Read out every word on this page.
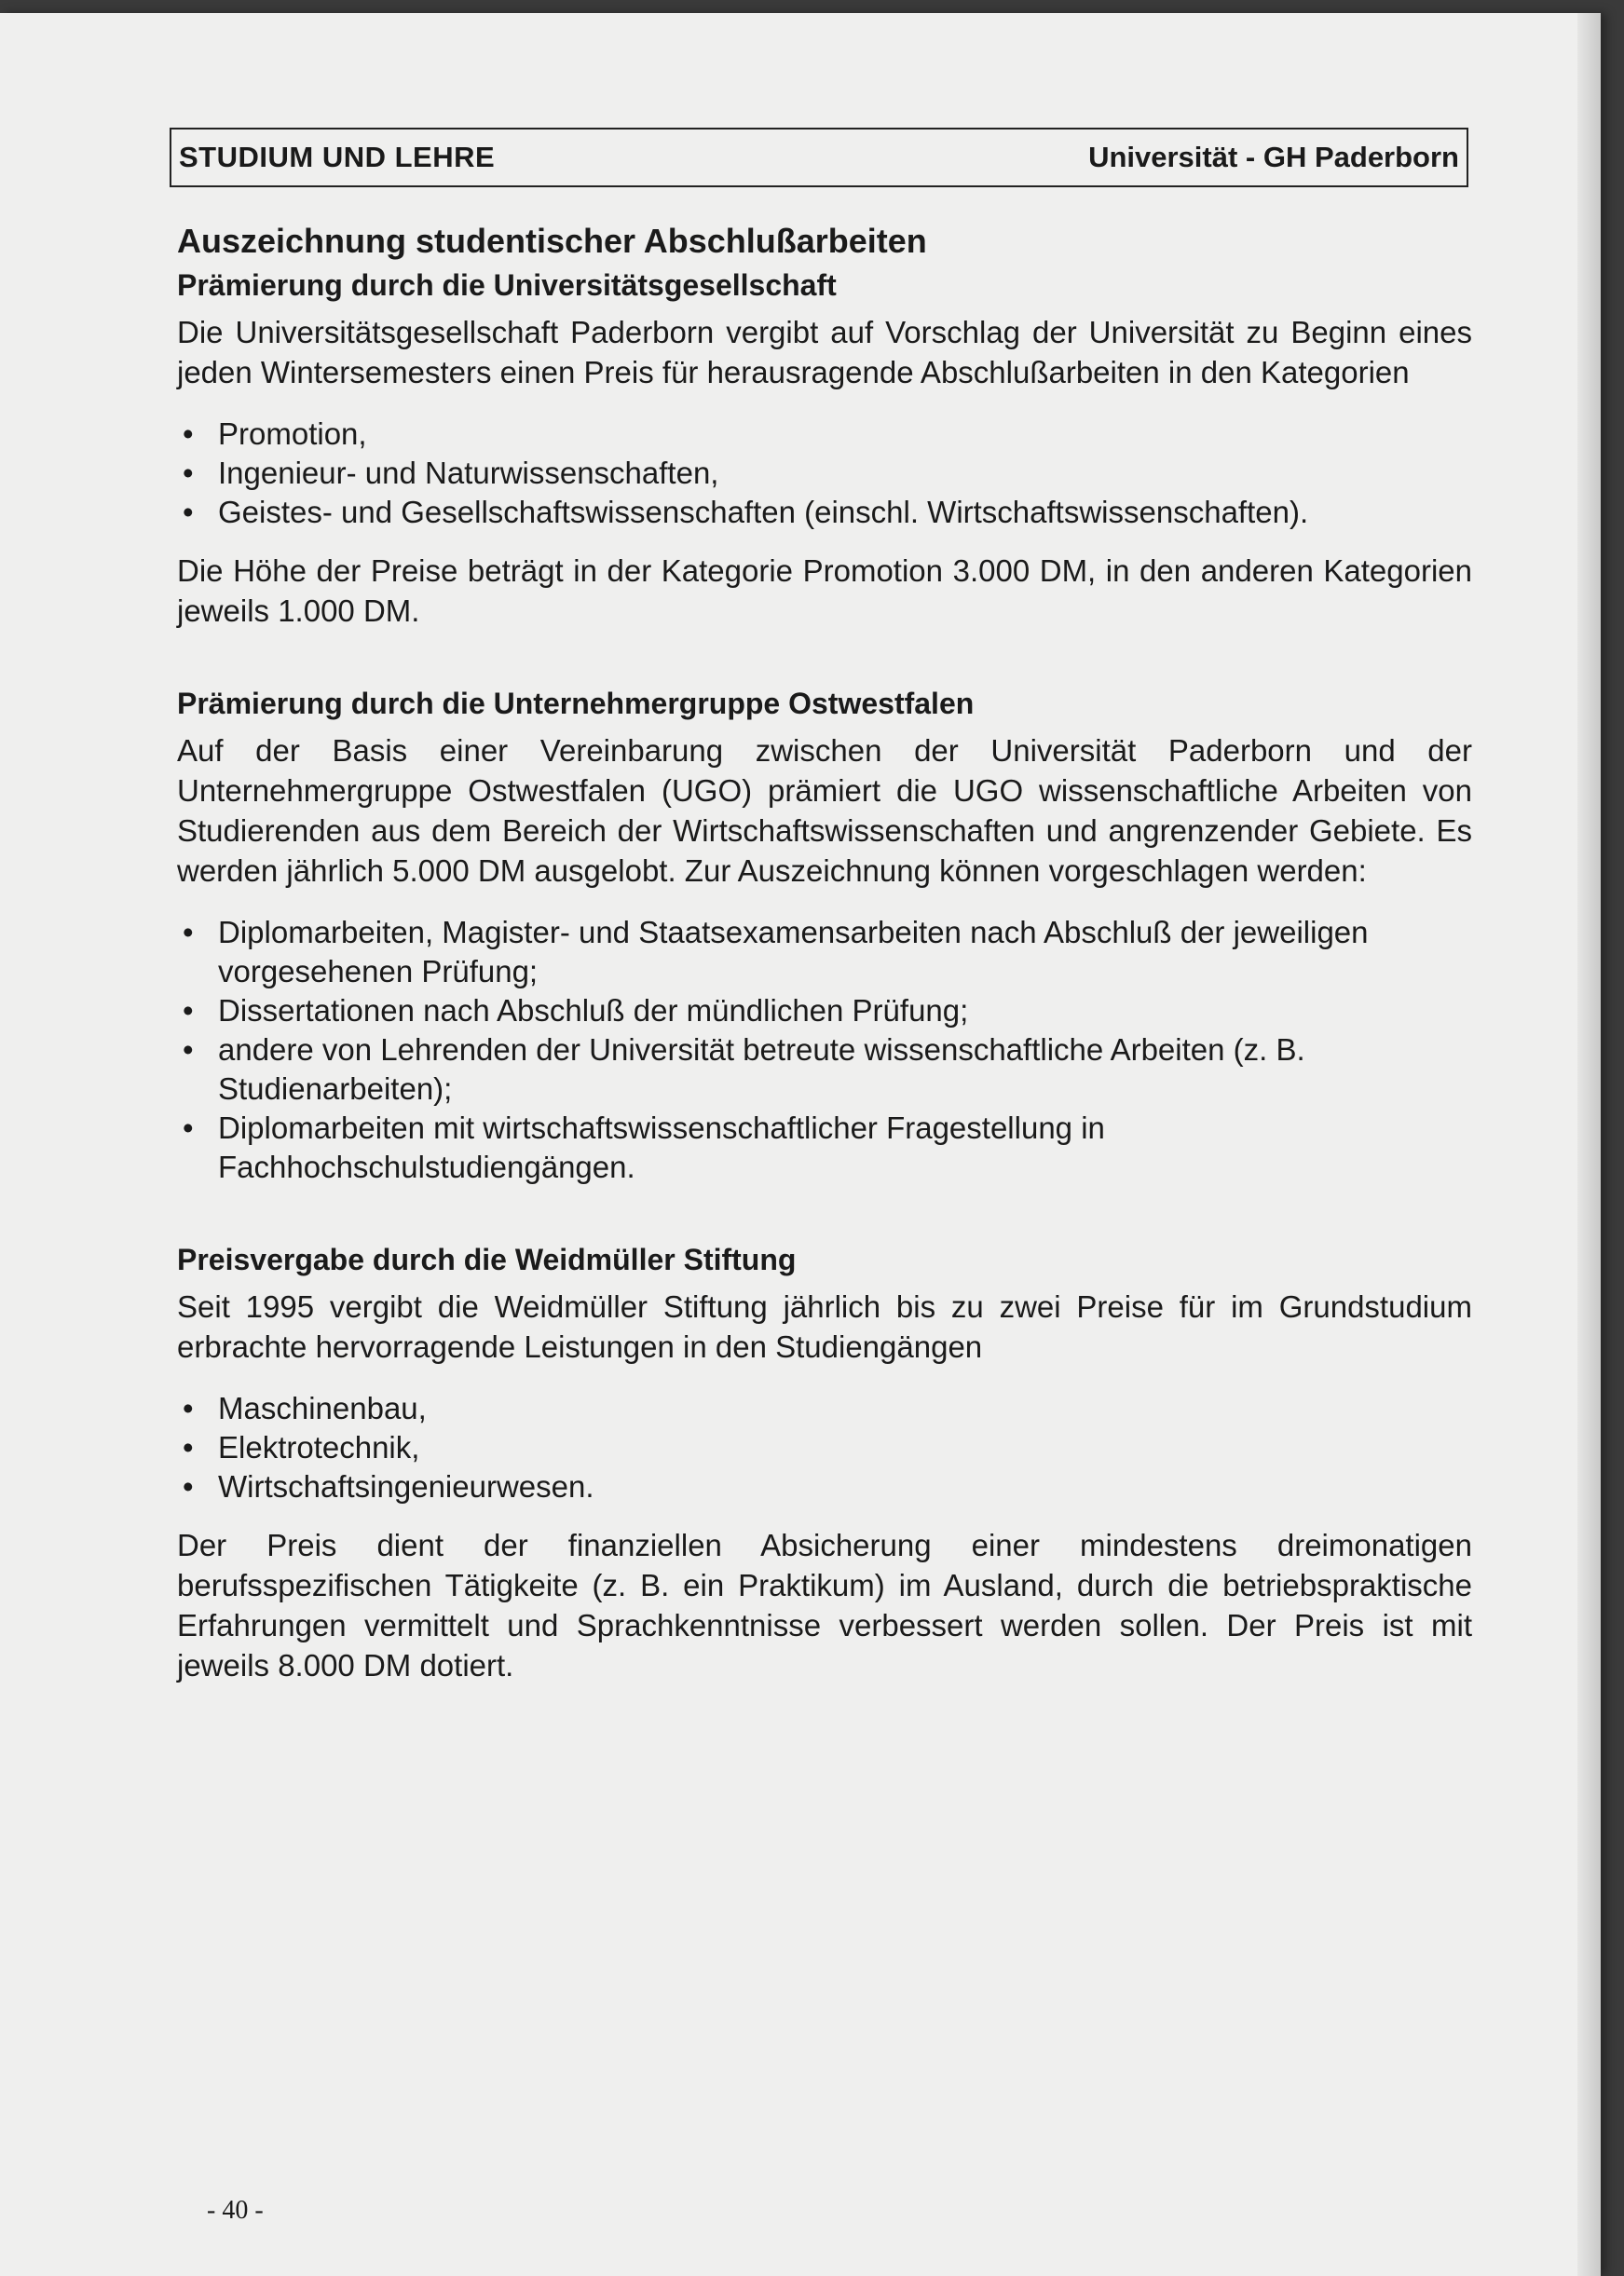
STUDIUM UND LEHRE	Universität - GH Paderborn
Auszeichnung studentischer Abschlußarbeiten
Prämierung durch die Universitätsgesellschaft

Die Universitätsgesellschaft Paderborn vergibt auf Vorschlag der Universität zu Beginn eines jeden Wintersemesters einen Preis für herausragende Abschlußarbeiten in den Kategorien

• Promotion,
• Ingenieur- und Naturwissenschaften,
• Geistes- und Gesellschaftswissenschaften (einschl. Wirtschaftswissenschaften).

Die Höhe der Preise beträgt in der Kategorie Promotion 3.000 DM, in den anderen Kategorien jeweils 1.000 DM.

Prämierung durch die Unternehmergruppe Ostwestfalen

Auf der Basis einer Vereinbarung zwischen der Universität Paderborn und der Unternehmergruppe Ostwestfalen (UGO) prämiert die UGO wissenschaftliche Arbeiten von Studierenden aus dem Bereich der Wirtschaftswissenschaften und angrenzender Gebiete. Es werden jährlich 5.000 DM ausgelobt. Zur Auszeichnung können vorgeschlagen werden:

• Diplomarbeiten, Magister- und Staatsexamensarbeiten nach Abschluß der jeweiligen vorgesehenen Prüfung;
• Dissertationen nach Abschluß der mündlichen Prüfung;
• andere von Lehrenden der Universität betreute wissenschaftliche Arbeiten (z. B. Studienarbeiten);
• Diplomarbeiten mit wirtschaftswissenschaftlicher Fragestellung in Fachhochschulstudiengängen.
Preisvergabe durch die Weidmüller Stiftung

Seit 1995 vergibt die Weidmüller Stiftung jährlich bis zu zwei Preise für im Grundstudium erbrachte hervorragende Leistungen in den Studiengängen

• Maschinenbau,
• Elektrotechnik,
• Wirtschaftsingenieurwesen.

Der Preis dient der finanziellen Absicherung einer mindestens dreimonatigen berufsspezifischen Tätigkeite (z. B. ein Praktikum) im Ausland, durch die betriebspraktische Erfahrungen vermittelt und Sprachkenntnisse verbessert werden sollen. Der Preis ist mit jeweils 8.000 DM dotiert.

- 40 -
